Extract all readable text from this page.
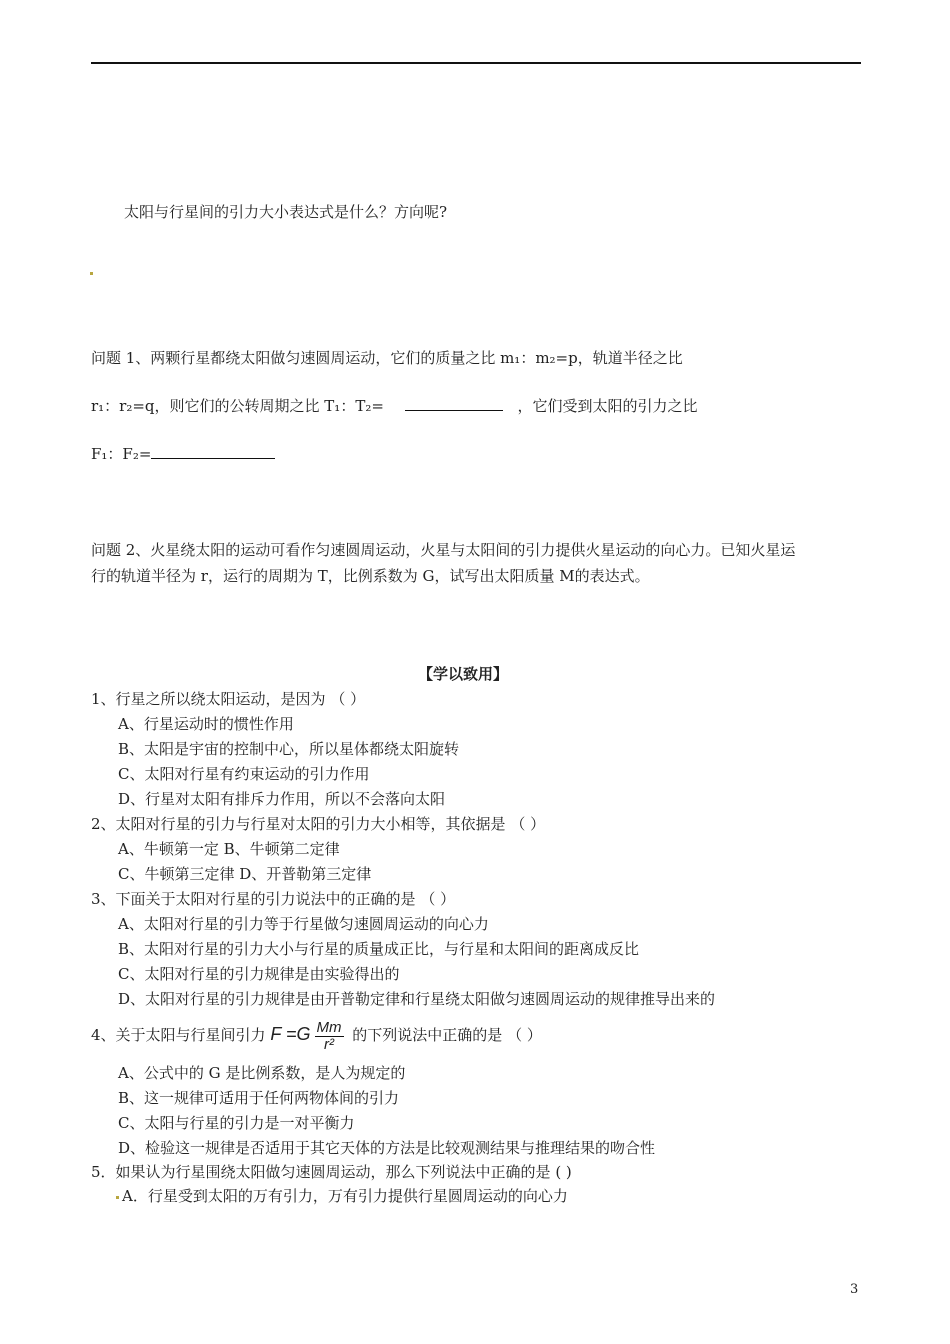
太阳与行星间的引力大小表达式是什么？方向呢?
问题 1、两颗行星都绕太阳做匀速圆周运动，它们的质量之比 m₁：m₂=p，轨道半径之比
r₁：r₂=q，则它们的公转周期之比 T₁：T₂=	，它们受到太阳的引力之比
F₁：F₂=
问题 2、火星绕太阳的运动可看作匀速圆周运动，火星与太阳间的引力提供火星运动的向心力。已知火星运
行的轨道半径为 r，运行的周期为 T，比例系数为 G，试写出太阳质量 M的表达式。
【学以致用】
1、行星之所以绕太阳运动，是因为 （ ）
A、行星运动时的惯性作用
B、太阳是宇宙的控制中心，所以星体都绕太阳旋转
C、太阳对行星有约束运动的引力作用
D、行星对太阳有排斥力作用，所以不会落向太阳
2、太阳对行星的引力与行星对太阳的引力大小相等，其依据是 （ ）
A、牛顿第一定 B、牛顿第二定律
C、牛顿第三定律 D、开普勒第三定律
3、下面关于太阳对行星的引力说法中的正确的是 （ ）
A、太阳对行星的引力等于行星做匀速圆周运动的向心力
B、太阳对行星的引力大小与行星的质量成正比，与行星和太阳间的距离成反比
C、太阳对行星的引力规律是由实验得出的
D、太阳对行星的引力规律是由开普勒定律和行星绕太阳做匀速圆周运动的规律推导出来的
4、关于太阳与行星间引力 $F =G \frac{Mm}{\text{r²}}$ 的下列说法中正确的是 （ ）
A、公式中的 G 是比例系数，是人为规定的
B、这一规律可适用于任何两物体间的引力
C、太阳与行星的引力是一对平衡力
D、检验这一规律是否适用于其它天体的方法是比较观测结果与推理结果的吻合性
5．如果认为行星围绕太阳做匀速圆周运动，那么下列说法中正确的是 ( )
A．行星受到太阳的万有引力，万有引力提供行星圆周运动的向心力
3
